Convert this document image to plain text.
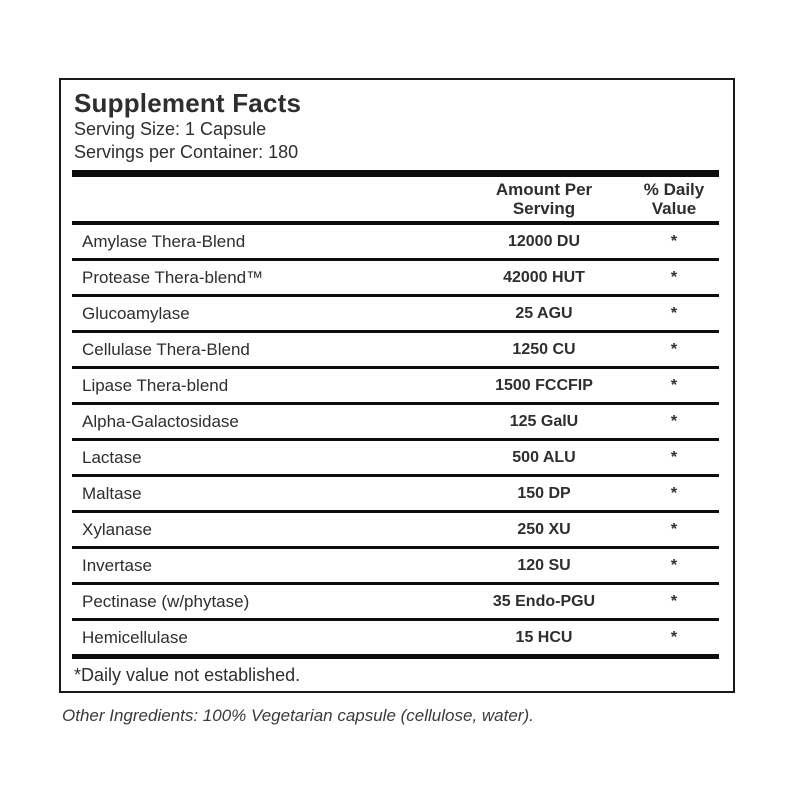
Supplement Facts
Serving Size: 1 Capsule
Servings per Container: 180
Amount Per Serving
% Daily Value
Amylase Thera-Blend	12000 DU	*
Protease Thera-blend™	42000 HUT	*
Glucoamylase	25 AGU	*
Cellulase Thera-Blend	1250 CU	*
Lipase Thera-blend	1500 FCCFIP	*
Alpha-Galactosidase	125 GalU	*
Lactase	500 ALU	*
Maltase	150 DP	*
Xylanase	250 XU	*
Invertase	120 SU	*
Pectinase (w/phytase)	35 Endo-PGU	*
Hemicellulase	15 HCU	*
*Daily value not established.
Other Ingredients: 100% Vegetarian capsule (cellulose, water).
